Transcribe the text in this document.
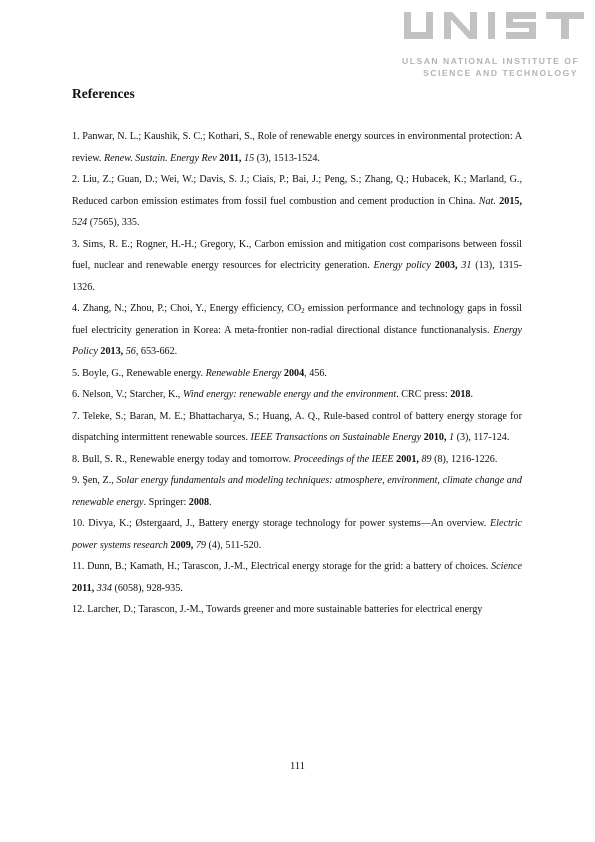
ULSAN NATIONAL INSTITUTE OF
SCIENCE AND TECHNOLOGY
References

1. Panwar, N. L.; Kaushik, S. C.; Kothari, S., Role of renewable energy sources in environmental protection: A review. Renew. Sustain. Energy Rev 2011, 15 (3), 1513-1524.

2. Liu, Z.; Guan, D.; Wei, W.; Davis, S. J.; Ciais, P.; Bai, J.; Peng, S.; Zhang, Q.; Hubacek, K.; Marland, G., Reduced carbon emission estimates from fossil fuel combustion and cement production in China. Nat. 2015, 524 (7565), 335.

3. Sims, R. E.; Rogner, H.-H.; Gregory, K., Carbon emission and mitigation cost comparisons between fossil fuel, nuclear and renewable energy resources for electricity generation. Energy policy 2003, 31 (13), 1315-1326.

4. Zhang, N.; Zhou, P.; Choi, Y., Energy efficiency, $CO_2$ emission performance and technology gaps in fossil fuel electricity generation in Korea: A meta-frontier non-radial directional distance functionanalysis. Energy Policy 2013, 56, 653-662.

5. Boyle, G., Renewable energy. Renewable Energy 2004, 456.

6. Nelson, V.; Starcher, K., Wind energy: renewable energy and the environment. CRC press: 2018.

7. Teleke, S.; Baran, M. E.; Bhattacharya, S.; Huang, A. Q., Rule-based control of battery energy storage for dispatching intermittent renewable sources. IEEE Transactions on Sustainable Energy 2010, 1 (3), 117-124.

8. Bull, S. R., Renewable energy today and tomorrow. Proceedings of the IEEE 2001, 89 (8), 1216-1226.

9. Şen, Z., Solar energy fundamentals and modeling techniques: atmosphere, environment, climate change and renewable energy. Springer: 2008.

10. Divya, K.; Østergaard, J., Battery energy storage technology for power systems—An overview. Electric power systems research 2009, 79 (4), 511-520.

11. Dunn, B.; Kamath, H.; Tarascon, J.-M., Electrical energy storage for the grid: a battery of choices. Science 2011, 334 (6058), 928-935.

12. Larcher, D.; Tarascon, J.-M., Towards greener and more sustainable batteries for electrical energy

111
